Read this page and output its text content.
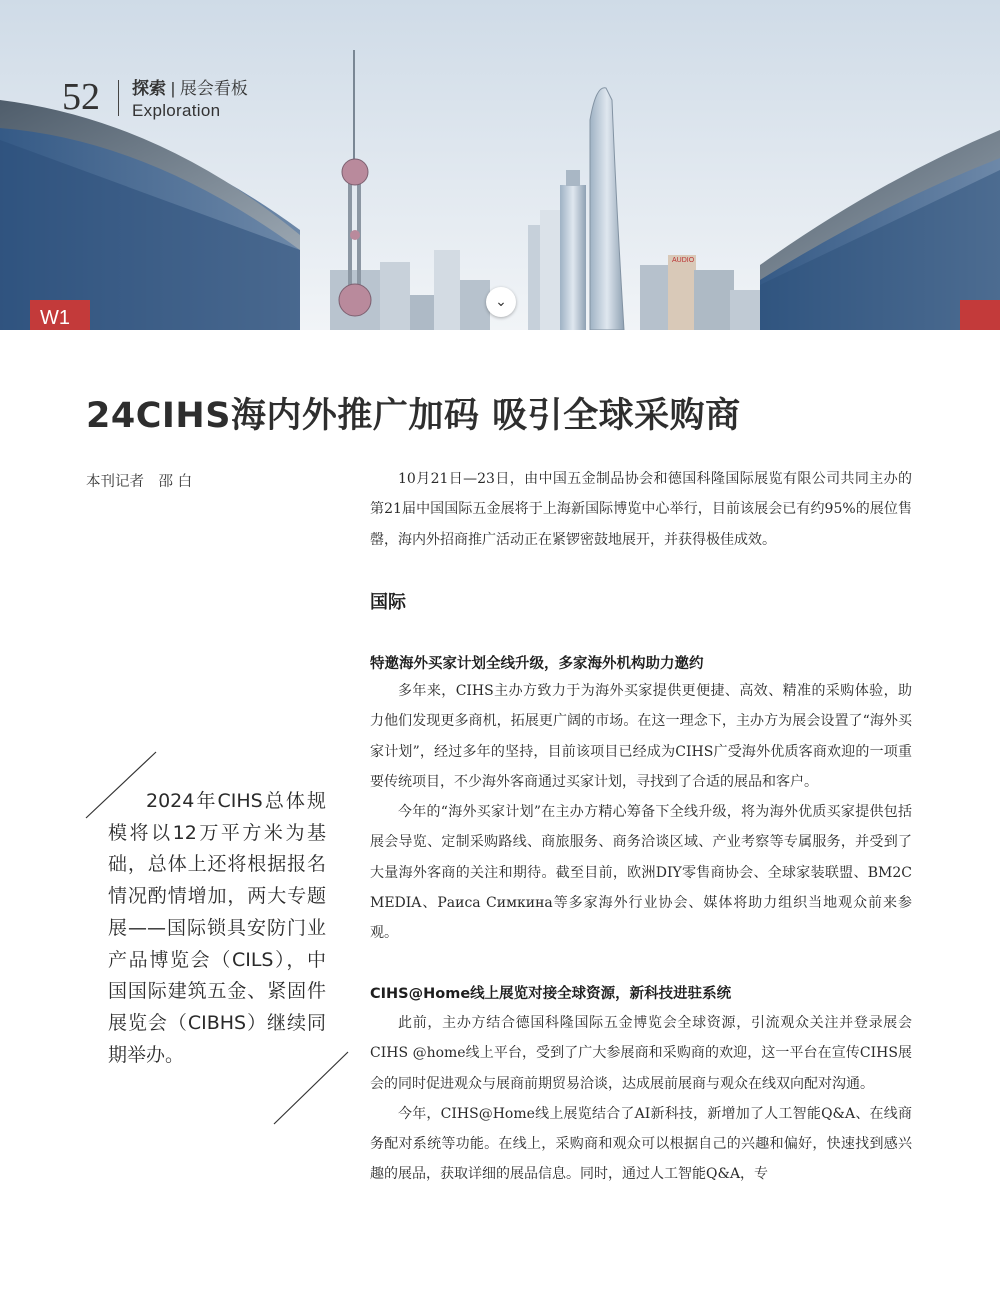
AUDIO
W1
52 探索 | 展会看板
Exploration
⌄
24CIHS海内外推广加码 吸引全球采购商
本刊记者　邵 白	10月21日—23日，由中国五金制品协会和德国科隆国际展览有限公司共同主办的第21届中国国际五金展将于上海新国际博览中心举行，目前该展会已有约95%的展位售罄，海内外招商推广活动正在紧锣密鼓地展开，并获得极佳成效。

国际
特邀海外买家计划全线升级，多家海外机构助力邀约

多年来，CIHS主办方致力于为海外买家提供更便捷、高效、精准的采购体验，助力他们发现更多商机，拓展更广阔的市场。在这一理念下，主办方为展会设置了“海外买家计划”，经过多年的坚持，目前该项目已经成为CIHS广受海外优质客商欢迎的一项重要传统项目，不少海外客商通过买家计划，寻找到了合适的展品和客户。

今年的“海外买家计划”在主办方精心筹备下全线升级，将为海外优质买家提供包括展会导览、定制采购路线、商旅服务、商务洽谈区域、产业考察等专属服务，并受到了大量海外客商的关注和期待。截至目前，欧洲DIY零售商协会、全球家装联盟、BM2C MEDIA、Раиса Симкина等多家海外行业协会、媒体将助力组织当地观众前来参观。

CIHS@Home线上展览对接全球资源，新科技进驻系统

此前，主办方结合德国科隆国际五金博览会全球资源，引流观众关注并登录展会CIHS @home线上平台，受到了广大参展商和采购商的欢迎，这一平台在宣传CIHS展会的同时促进观众与展商前期贸易洽谈，达成展前展商与观众在线双向配对沟通。

今年，CIHS@Home线上展览结合了AI新科技，新增加了人工智能Q&A、在线商务配对系统等功能。在线上，采购商和观众可以根据自己的兴趣和偏好，快速找到感兴趣的展品，获取详细的展品信息。同时，通过人工智能Q&A，专

2024年CIHS总体规模将以12万平方米为基础，总体上还将根据报名情况酌情增加，两大专题展——国际锁具安防门业产品博览会（CILS），中国国际建筑五金、紧固件展览会（CIBHS）继续同期举办。
